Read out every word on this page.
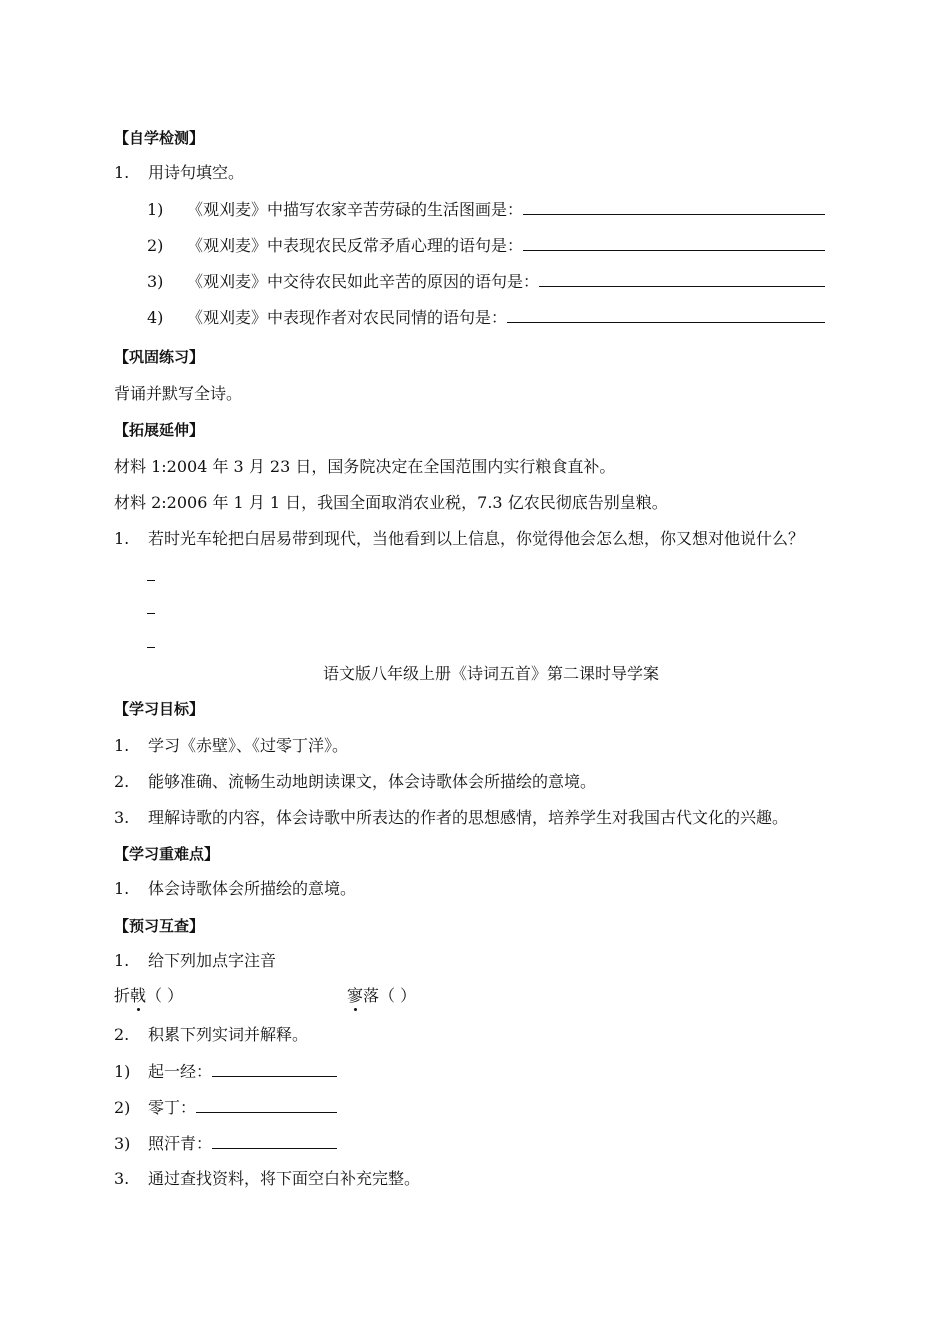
【自学检测】
1. 用诗句填空。
1) 《观刈麦》中描写农家辛苦劳碌的生活图画是：
2) 《观刈麦》中表现农民反常矛盾心理的语句是：
3) 《观刈麦》中交待农民如此辛苦的原因的语句是：
4) 《观刈麦》中表现作者对农民同情的语句是：
【巩固练习】
背诵并默写全诗。
【拓展延伸】
材料 1:2004 年 3 月 23 日，国务院决定在全国范围内实行粮食直补。
材料 2:2006 年 1 月 1 日，我国全面取消农业税，7.3 亿农民彻底告别皇粮。
1. 若时光车轮把白居易带到现代，当他看到以上信息，你觉得他会怎么想，你又想对他说什么？
语文版八年级上册《诗词五首》第二课时导学案
【学习目标】
1. 学习《赤壁》、《过零丁洋》。
2. 能够准确、流畅生动地朗读课文，体会诗歌体会所描绘的意境。
3. 理解诗歌的内容，体会诗歌中所表达的作者的思想感情，培养学生对我国古代文化的兴趣。
【学习重难点】
1. 体会诗歌体会所描绘的意境。
【预习互查】
1. 给下列加点字注音
折戟（ ）	寥落（ ）
2. 积累下列实词并解释。
1) 起一经：
2) 零丁：
3) 照汗青：
3. 通过查找资料，将下面空白补充完整。
